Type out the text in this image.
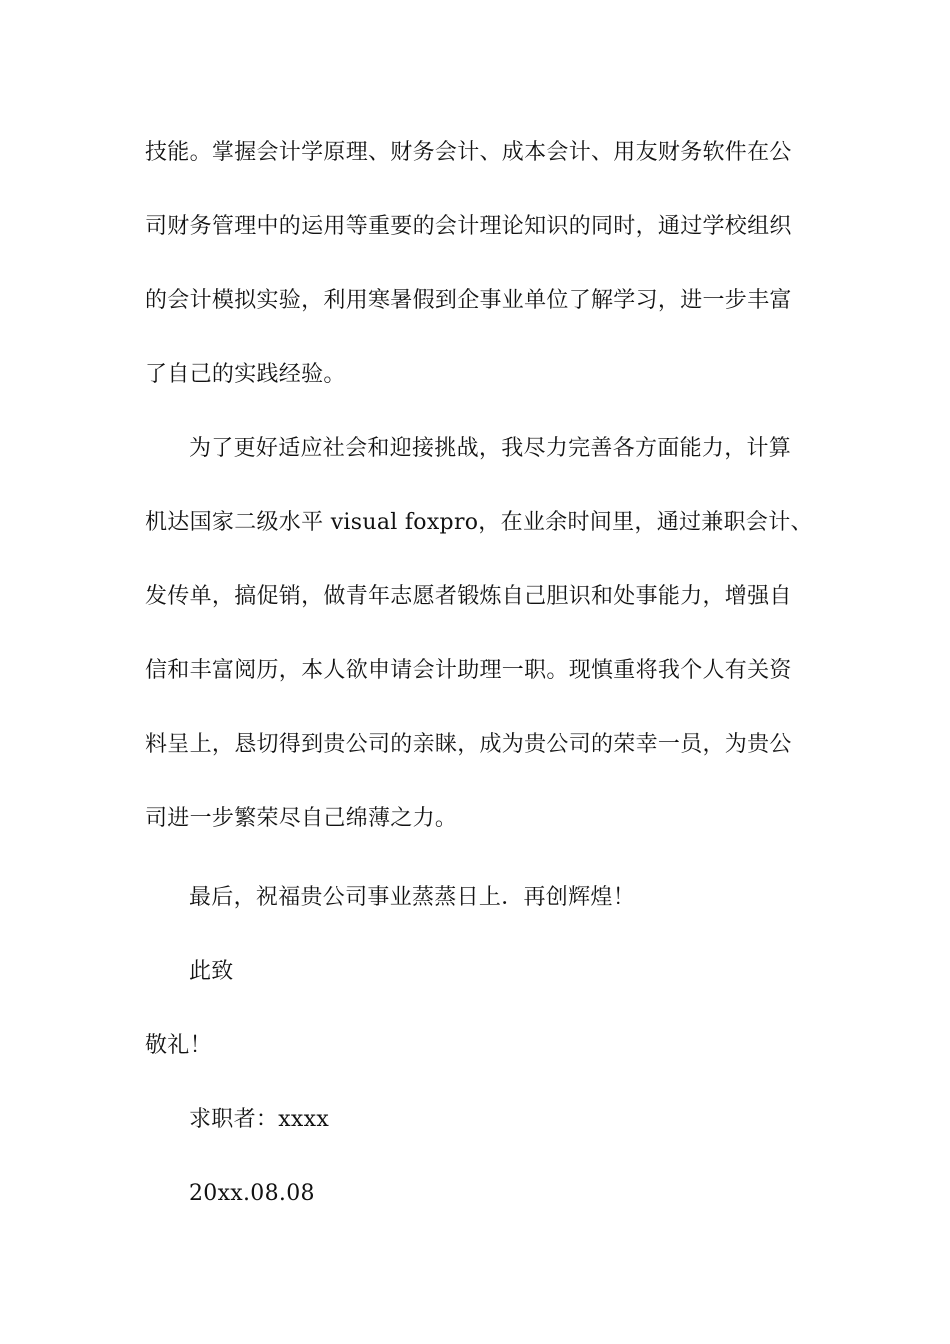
技能。掌握会计学原理、财务会计、成本会计、用友财务软件在公
司财务管理中的运用等重要的会计理论知识的同时，通过学校组织
的会计模拟实验，利用寒暑假到企事业单位了解学习，进一步丰富
了自己的实践经验。
为了更好适应社会和迎接挑战，我尽力完善各方面能力，计算
机达国家二级水平 visual foxpro，在业余时间里，通过兼职会计、
发传单，搞促销，做青年志愿者锻炼自己胆识和处事能力，增强自
信和丰富阅历，本人欲申请会计助理一职。现慎重将我个人有关资
料呈上，恳切得到贵公司的亲睐，成为贵公司的荣幸一员，为贵公
司进一步繁荣尽自己绵薄之力。
最后，祝福贵公司事业蒸蒸日上．再创辉煌！
此致
敬礼！
求职者：xxxx
20xx.08.08
